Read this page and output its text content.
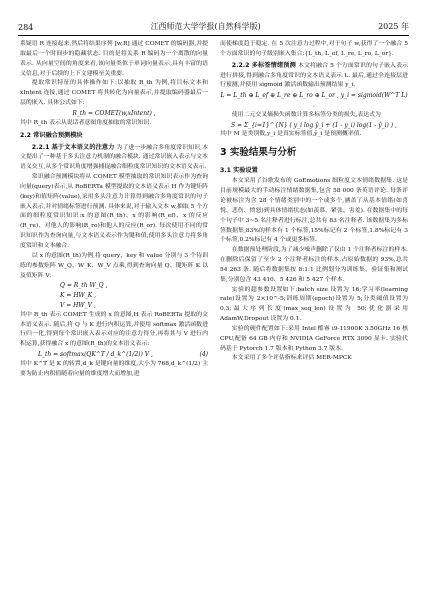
284	江西师范大学学报(自然科学版)	2025 年

系疑语 R 连接起来,然后将结果序列 [w,R] 通过 COMET 的编码器,并提取最后一个时间步的隐藏状态. 目的是将关系 R 编码为一个离散的向量表示. 从向量空间的角度来看,该向量类似于单词向量表示,具有丰富的语义信息,对于后续的上下文建模至关重要.

提取常识特征的具体操作如下:以抽取 R_th 为例,将目标文本和 xIntent 连接,通过 COMET 将其转化为向量表示,并提取编码器最后一层的嵌入. 具体公式如下:

R_th = COMET(w,xIntent) ,

其中 R_th 表示从说话者意图角度抽取的常识知识.

2.2 常识融合预测模块

2.2.1 基于文本语义的注意力 为了进一步融合多角度常识知识,本文提出了一种基于多头注意力机制的融合模块. 通过常识嵌入表示与文本语义交互,从多个常识角度增强捕捉融合细粒度常识知识的文本语义表示.

常识融合预测模块将从 COMET 模型抽取的常识知识表示作为查询向量(query)表示,从 RoBERTa 模型提取的文本语义表示 H 作为键矩阵(key)和值矩阵(value),采用多头注意力计算得到融合多角度常识的句子嵌入表示,并对情绪标签进行预测. 具体来说,对于输入文本 w,抽取 5 个方面的细粒度常识知识:x 的意图(R_th)、x 的影响(R_ef)、x 的反应(R_re)、对他人的影响(R_ro)和他人的反应(R_or). 每次使用不同的常识知识作为查询向量,与文本语义表示作为键和值,使用多头注意力将多角度常识和文本融合.

以 x 的意图(R_th)为例,将 query、key 和 value 分别与 3 个待训练的参数矩阵 W_Q、W_K、W_V 点乘,得到查询向量 Q、键矩阵 K 以及值矩阵 V:

Q = R_th W_Q ,

K = HW_K ,

V = HW_V ,

其中 R_th 表示 COMET 生成的 x 的意图,H 表示 RoBERTa 提取的文本语义表示. 随后,将 Q 与 K 进行内积运算,并使用 softmax 激活函数进行归一化,得到每个常识嵌入表示对应的注意力得分,再将其与 V 进行内积运算,获得融合 x 的意图(R_th)的文本语义表示:

L_th = softmax(QK^T / d_k^(1/2)) V ,	(4)

其中 K^T 是 K 的转置,d_k 是键向量的维度,大小为 768,d_k^(1/2) 主要为防止内积值随着向量的维度增大而增加,进

而使梯度趋于稳定. 在 5 次注意力过程中,对于句子 w,获得了一个融合 5 个方面常识的句子级别嵌入集合:{L_th, L_ef, L_re, L_ro, L_or}.

2.2.2 多标签情绪预测 本文将融合 5 个方面常识的句子嵌入表示进行拼接,得到融合多角度常识的文本语义表示 L. 最后,通过全连接层进行预测,并使用 sigmoid 激活函数输出预测结果 y_i,

L = L_th ⊕ L_ef ⊕ L_re ⊕ L_ro ⊕ L_or , y_i = sigmoid(W^T L) .

使用二元交叉熵损失函数计算多标签分类的损失,表达式为

S = Σ_{i=1}^{N} ( y_i log ŷ_i + (1 - y_i) log(1 - ŷ_i) ) ,

其中 M 是类别数,y_i 是真实标签值,ŷ_i 是预测概率值.

3 实验结果与分析
3.1 实验设置

本文采用了谷歌发布的 GoEmotions 细粒度文本情绪数据集. 这是目前规模最大的手动标注情绪数据集,包含 58 000 条英语评论. 每条评论被标注为含 28 个情绪类别中的一个或多个,涵盖了从基本情绪(如喜悦、悲伤、愤怒)到具体情绪状态(如羡慕、紧张、害羞). 在数据集中的每个句子中 3~5 名注释者进行标注,总共有 83 名注释者. 该数据集为多标签数据集,83%的样本有 1 个标签,15%标记有 2 个标签,1.8%标记有 3 个标签,0.2%标记有 4 个或更多标签.

在数据预处理阶段,为了减少噪声删除了仅由 1 个注释者标注的样本. 在删除后保留了至少 2 个注释者标注的样本,占原始数据的 93%,总共 54 263 条. 随后将数据集按 8:1:1 比例划分为训练集、验证集和测试集,分别包含 43 410、5 426 和 5 427 个样本.

实验的超参数设置如下:batch size 设置为 16;学习率(learning rate)设置为 2×10^-5;训练周期(epoch)设置为 5;分类阈值设置为 0.3;最大序列长度(max_seq_len)设置为 50;优化器采用 AdamW,Dropout 设置为 0.1.

实验的硬件配置如下:采用 Intel 酷睿 i9-11900K 3.50GHz 16 核 CPU,配备 64 GB 内存和 NVIDIA GeForce RTX 3090 显卡. 实验代码基于 Pytorch 1.7 版本和 Python 3.7 版本.

本文采用了多个评估指标来评估 MER-MPCK
